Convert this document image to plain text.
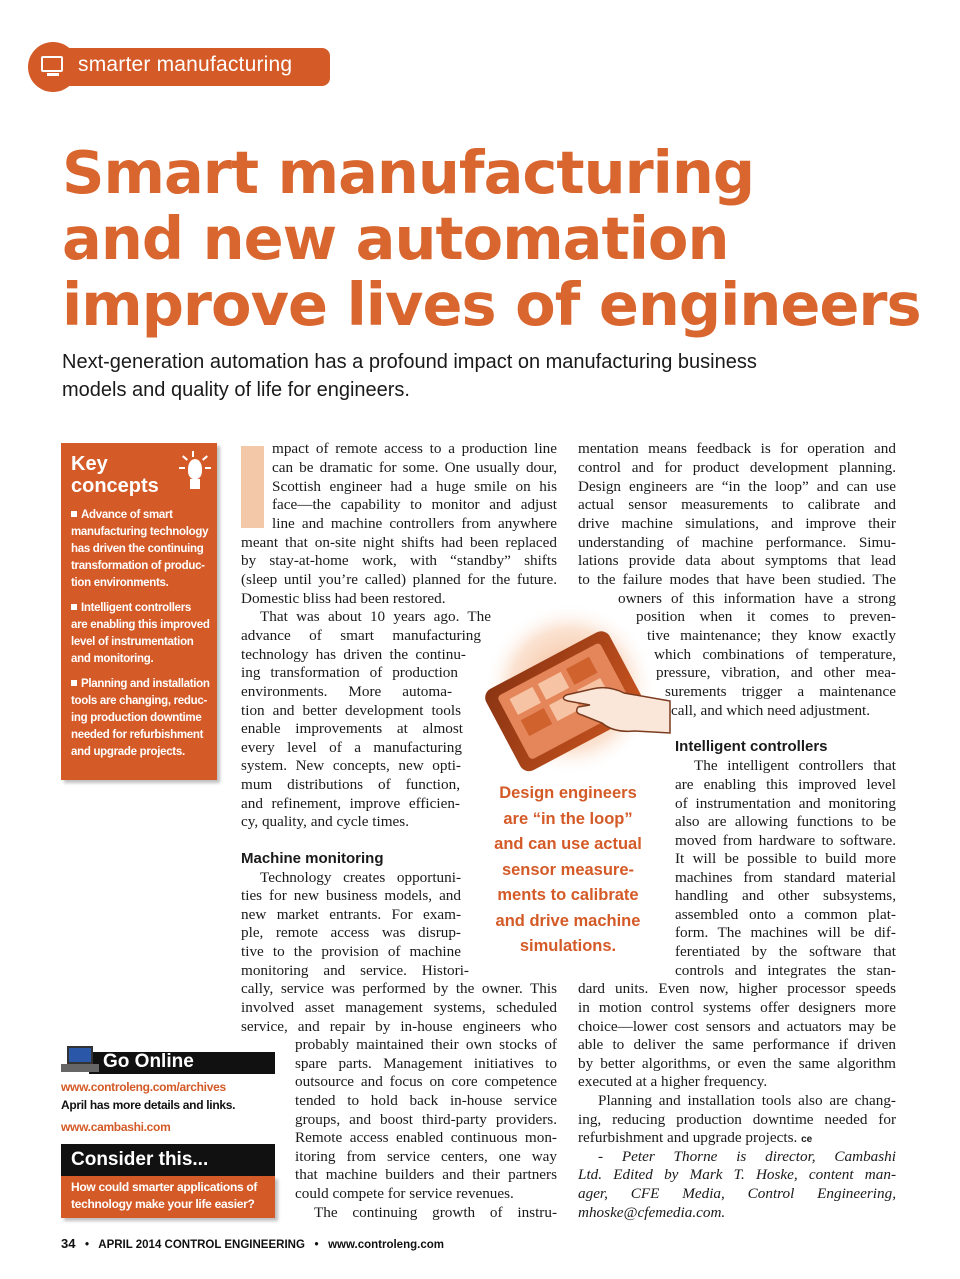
smarter manufacturing
Smart manufacturing
and new automation
improve lives of engineers
Next-generation automation has a profound impact on manufacturing business
models and quality of life for engineers.
Key
concepts
Advance of smart
manufacturing technology
has driven the continuing
transformation of produc-
tion environments.
Intelligent controllers
are enabling this improved
level of instrumentation
and monitoring.
Planning and installation
tools are changing, reduc-
ing production downtime
needed for refurbishment
and upgrade projects.
Go Online
www.controleng.com/archives
April has more details and links.
www.cambashi.com
Consider this...
How could smarter applications of
technology make your life easier?
mpact of remote access to a production line
can be dramatic for some. One usually dour,
Scottish engineer had a huge smile on his
face—the capability to monitor and adjust
line and machine controllers from anywhere
meant that on-site night shifts had been replaced
by stay-at-home work, with “standby” shifts
(sleep until you’re called) planned for the future.
Domestic bliss had been restored.
That was about 10 years ago. The
advance of smart manufacturing
technology has driven the continu-
ing transformation of production
environments. More automa-
tion and better development tools
enable improvements at almost
every level of a manufacturing
system. New concepts, new opti-
mum distributions of function,
and refinement, improve efficien-
cy, quality, and cycle times.
Machine monitoring
Technology creates opportuni-
ties for new business models, and
new market entrants. For exam-
ple, remote access was disrup-
tive to the provision of machine
monitoring and service. Histori-
cally, service was performed by the owner. This
involved asset management systems, scheduled
service, and repair by in-house engineers who
probably maintained their own stocks of
spare parts. Management initiatives to
outsource and focus on core competence
tended to hold back in-house service
groups, and boost third-party providers.
Remote access enabled continuous mon-
itoring from service centers, one way
that machine builders and their partners
could compete for service revenues.
The continuing growth of instru-
Design engineers
are “in the loop”
and can use actual
sensor measure-
ments to calibrate
and drive machine
simulations.
mentation means feedback is for operation and
control and for product development planning.
Design engineers are “in the loop” and can use
actual sensor measurements to calibrate and
drive machine simulations, and improve their
understanding of machine performance. Simu-
lations provide data about symptoms that lead
to the failure modes that have been studied. The
owners of this information have a strong
position when it comes to preven-
tive maintenance; they know exactly
which combinations of temperature,
pressure, vibration, and other mea-
surements trigger a maintenance
call, and which need adjustment.
Intelligent controllers
The intelligent controllers that
are enabling this improved level
of instrumentation and monitoring
also are allowing functions to be
moved from hardware to software.
It will be possible to build more
machines from standard material
handling and other subsystems,
assembled onto a common plat-
form. The machines will be dif-
ferentiated by the software that
controls and integrates the stan-
dard units. Even now, higher processor speeds
in motion control systems offer designers more
choice—lower cost sensors and actuators may be
able to deliver the same performance if driven
by better algorithms, or even the same algorithm
executed at a higher frequency.
Planning and installation tools also are chang-
ing, reducing production downtime needed for
refurbishment and upgrade projects. ce
- Peter Thorne is director, Cambashi
Ltd. Edited by Mark T. Hoske, content man-
ager, CFE Media, Control Engineering,
mhoske@cfemedia.com.
34   •   APRIL 2014 CONTROL ENGINEERING   •   www.controleng.com
